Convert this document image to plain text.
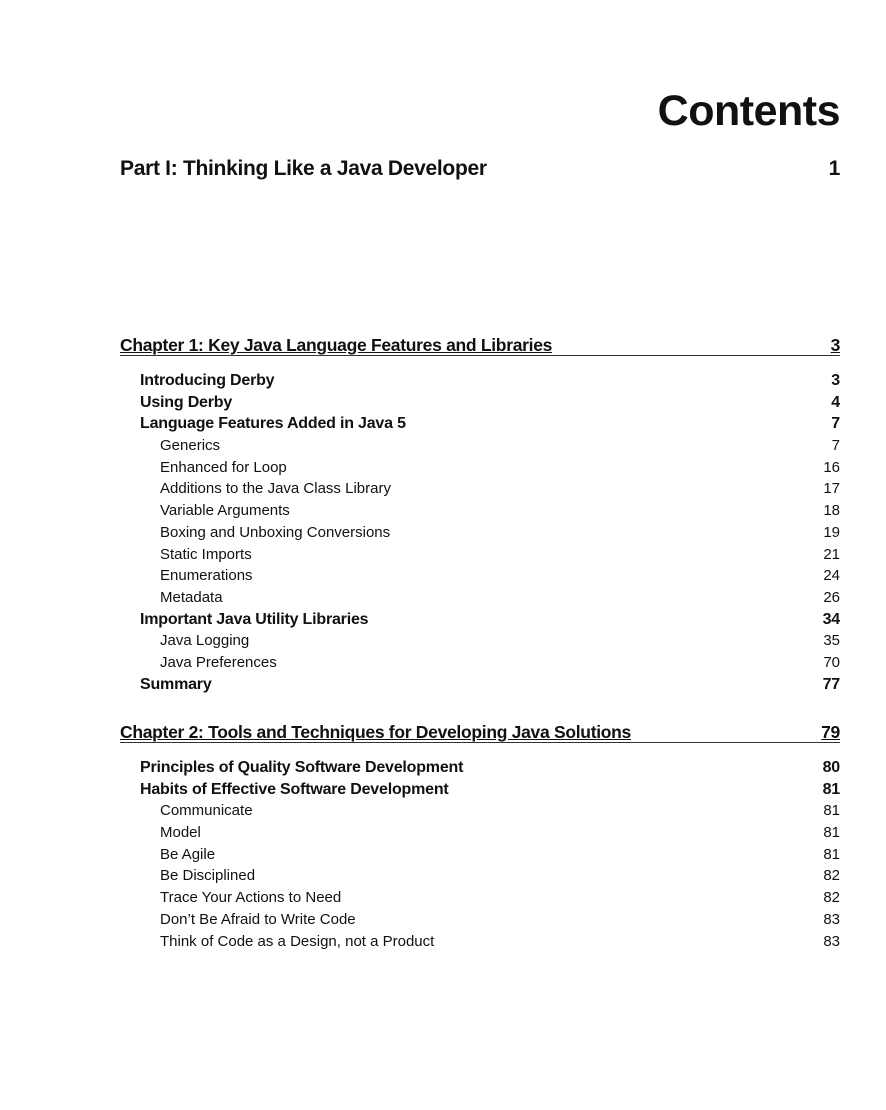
Contents
Part I: Thinking Like a Java Developer	1
Chapter 1: Key Java Language Features and Libraries	3
Introducing Derby	3
Using Derby	4
Language Features Added in Java 5	7
Generics	7
Enhanced for Loop	16
Additions to the Java Class Library	17
Variable Arguments	18
Boxing and Unboxing Conversions	19
Static Imports	21
Enumerations	24
Metadata	26
Important Java Utility Libraries	34
Java Logging	35
Java Preferences	70
Summary	77
Chapter 2: Tools and Techniques for Developing Java Solutions	79
Principles of Quality Software Development	80
Habits of Effective Software Development	81
Communicate	81
Model	81
Be Agile	81
Be Disciplined	82
Trace Your Actions to Need	82
Don’t Be Afraid to Write Code	83
Think of Code as a Design, not a Product	83
